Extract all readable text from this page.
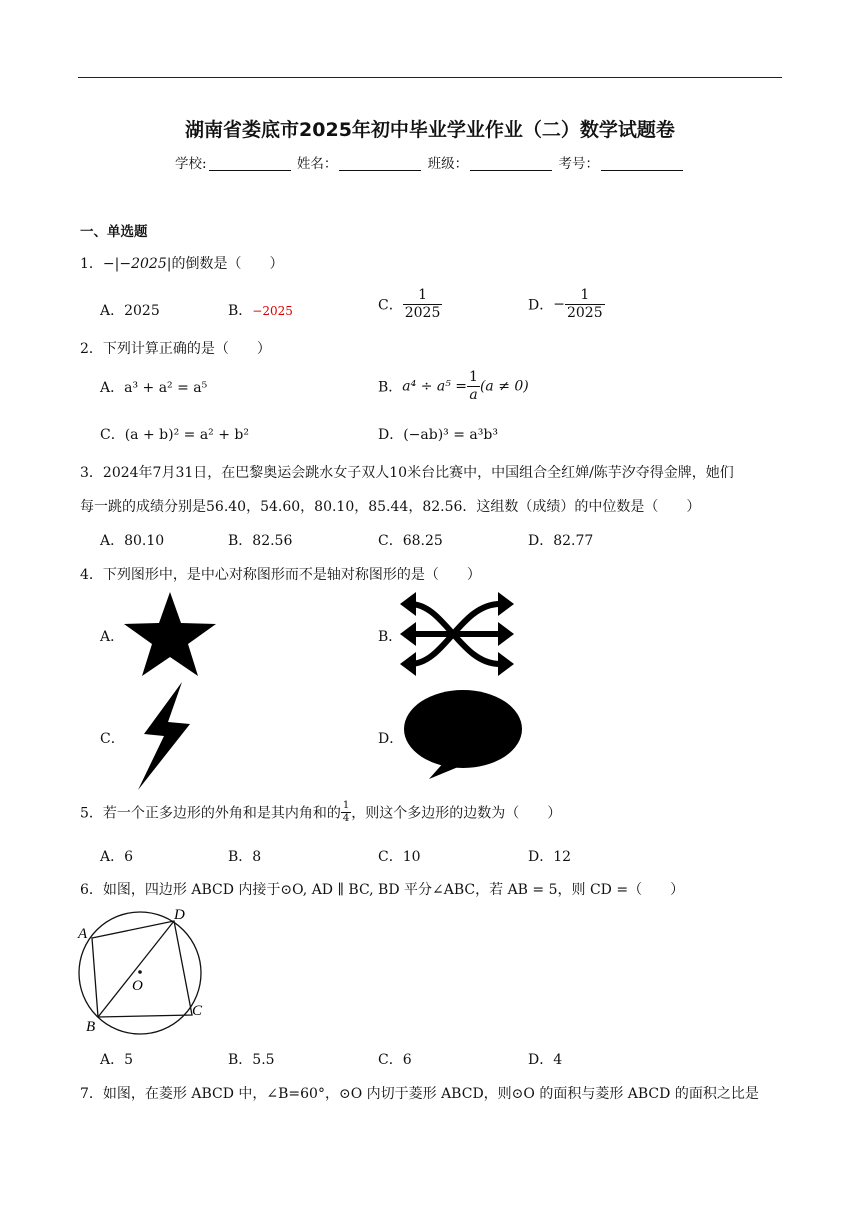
湖南省娄底市2025年初中毕业学业作业（二）数学试题卷
学校:	姓名：	班级：	考号：
一、单选题
1．−|−2025|的倒数是（　　）
A．2025	B．−2025	C． $\frac{1}{2025}$	D．− $\frac{1}{2025}$
2．下列计算正确的是（　　）
A．a³ + a² = a⁵	B．$a^4 \div a^5 = \frac{1}{a} (a \ne 0)$
C．(a + b)² = a² + b²	D．(−ab)³ = a³b³
3．2024年7月31日，在巴黎奥运会跳水女子双人10米台比赛中，中国组合全红婵/陈芋汐夺得金牌，她们
每一跳的成绩分别是56.40，54.60，80.10，85.44，82.56．这组数（成绩）的中位数是（　　）
A．80.10	B．82.56	C．68.25	D．82.77
4．下列图形中，是中心对称图形而不是轴对称图形的是（　　）
A．	B．
C．	D．
5．若一个正多边形的外角和是其内角和的 $\frac{1}{4}$ ，则这个多边形的边数为（　　）
A．6	B．8	C．10	D．12
6．如图，四边形 ABCD 内接于⊙O, AD ∥ BC, BD 平分∠ABC，若 AB = 5，则 CD =（　　）
A
D
C
B
O
A．5	B．5.5	C．6	D．4
7．如图，在菱形 ABCD 中，∠B=60°，⊙O 内切于菱形 ABCD，则⊙O 的面积与菱形 ABCD 的面积之比是
